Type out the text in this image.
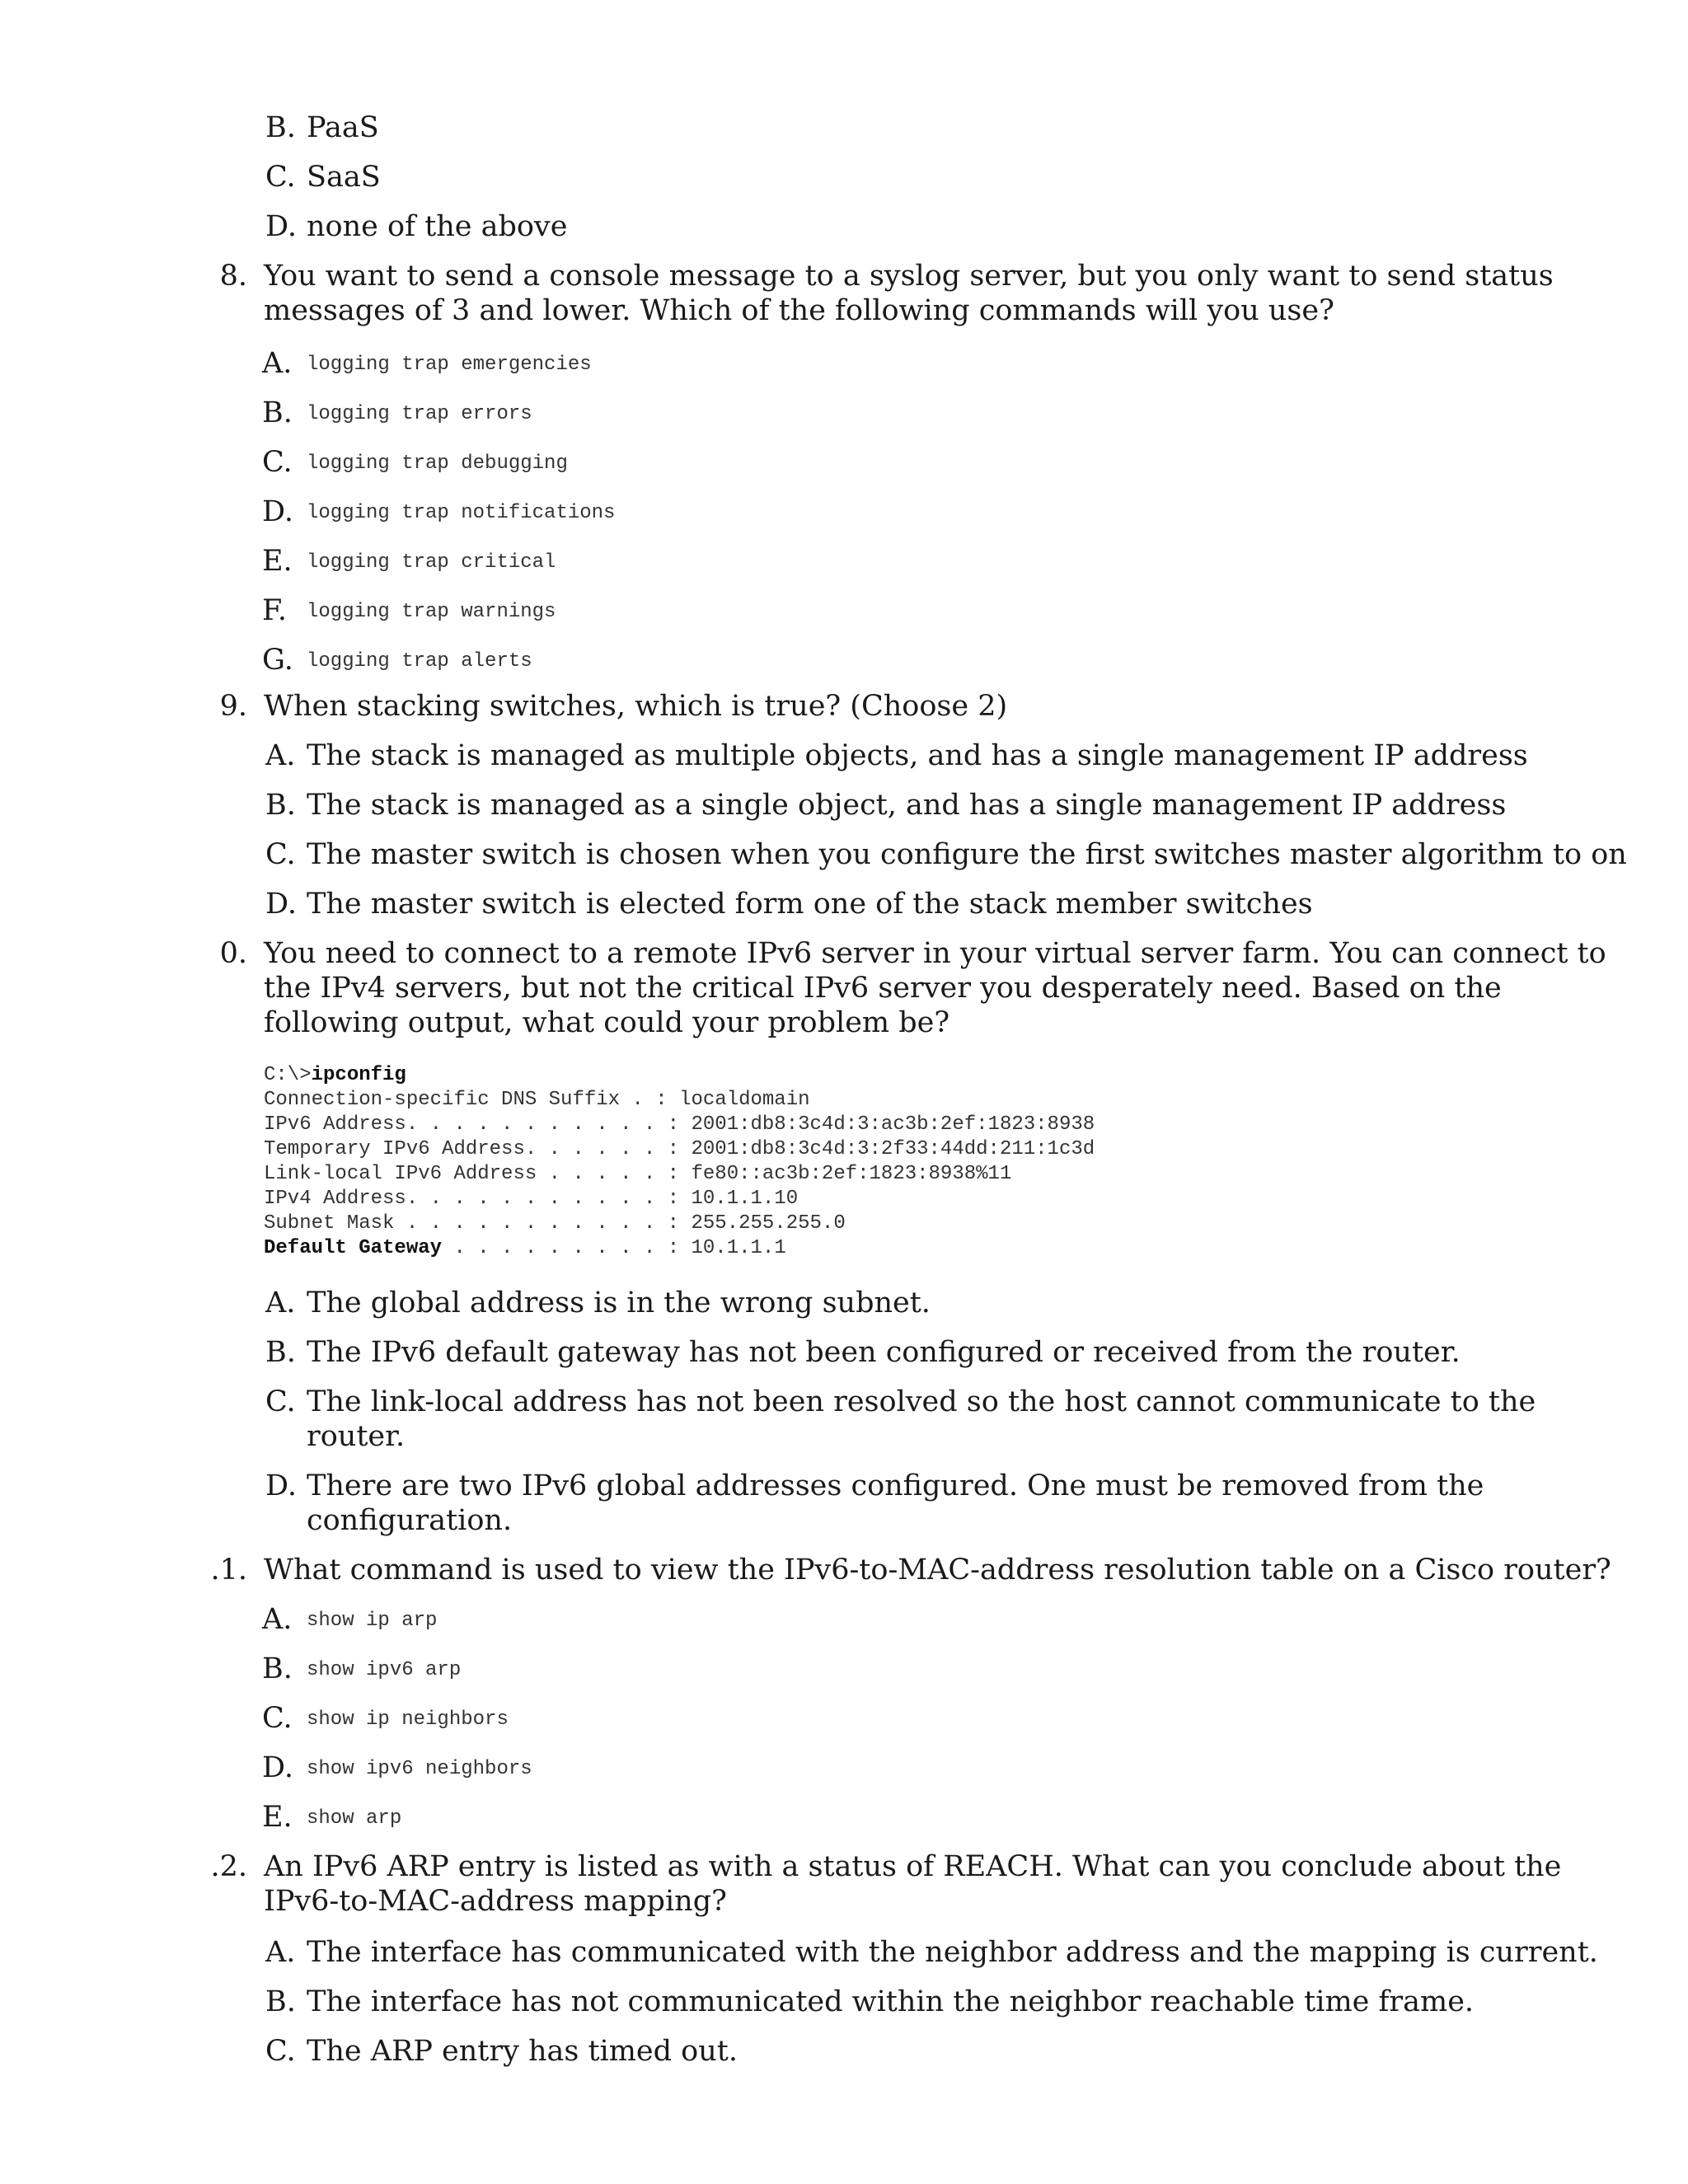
B. PaaS
C. SaaS
D. none of the above
8. You want to send a console message to a syslog server, but you only want to send status
messages of 3 and lower. Which of the following commands will you use?
A. logging trap emergencies
B. logging trap errors
C. logging trap debugging
D. logging trap notifications
E. logging trap critical
F. logging trap warnings
G. logging trap alerts
9. When stacking switches, which is true? (Choose 2)
A. The stack is managed as multiple objects, and has a single management IP address
B. The stack is managed as a single object, and has a single management IP address
C. The master switch is chosen when you configure the first switches master algorithm to on
D. The master switch is elected form one of the stack member switches
0. You need to connect to a remote IPv6 server in your virtual server farm. You can connect to
the IPv4 servers, but not the critical IPv6 server you desperately need. Based on the
following output, what could your problem be?
C:\>ipconfig
Connection-specific DNS Suffix . : localdomain
IPv6 Address. . . . . . . . . . . : 2001:db8:3c4d:3:ac3b:2ef:1823:8938
Temporary IPv6 Address. . . . . . : 2001:db8:3c4d:3:2f33:44dd:211:1c3d
Link-local IPv6 Address . . . . . : fe80::ac3b:2ef:1823:8938%11
IPv4 Address. . . . . . . . . . . : 10.1.1.10
Subnet Mask . . . . . . . . . . . : 255.255.255.0
Default Gateway . . . . . . . . . : 10.1.1.1
A. The global address is in the wrong subnet.
B. The IPv6 default gateway has not been configured or received from the router.
C. The link-local address has not been resolved so the host cannot communicate to the
router.
D. There are two IPv6 global addresses configured. One must be removed from the
configuration.
.1. What command is used to view the IPv6-to-MAC-address resolution table on a Cisco router?
A. show ip arp
B. show ipv6 arp
C. show ip neighbors
D. show ipv6 neighbors
E. show arp
.2. An IPv6 ARP entry is listed as with a status of REACH. What can you conclude about the
IPv6-to-MAC-address mapping?
A. The interface has communicated with the neighbor address and the mapping is current.
B. The interface has not communicated within the neighbor reachable time frame.
C. The ARP entry has timed out.
